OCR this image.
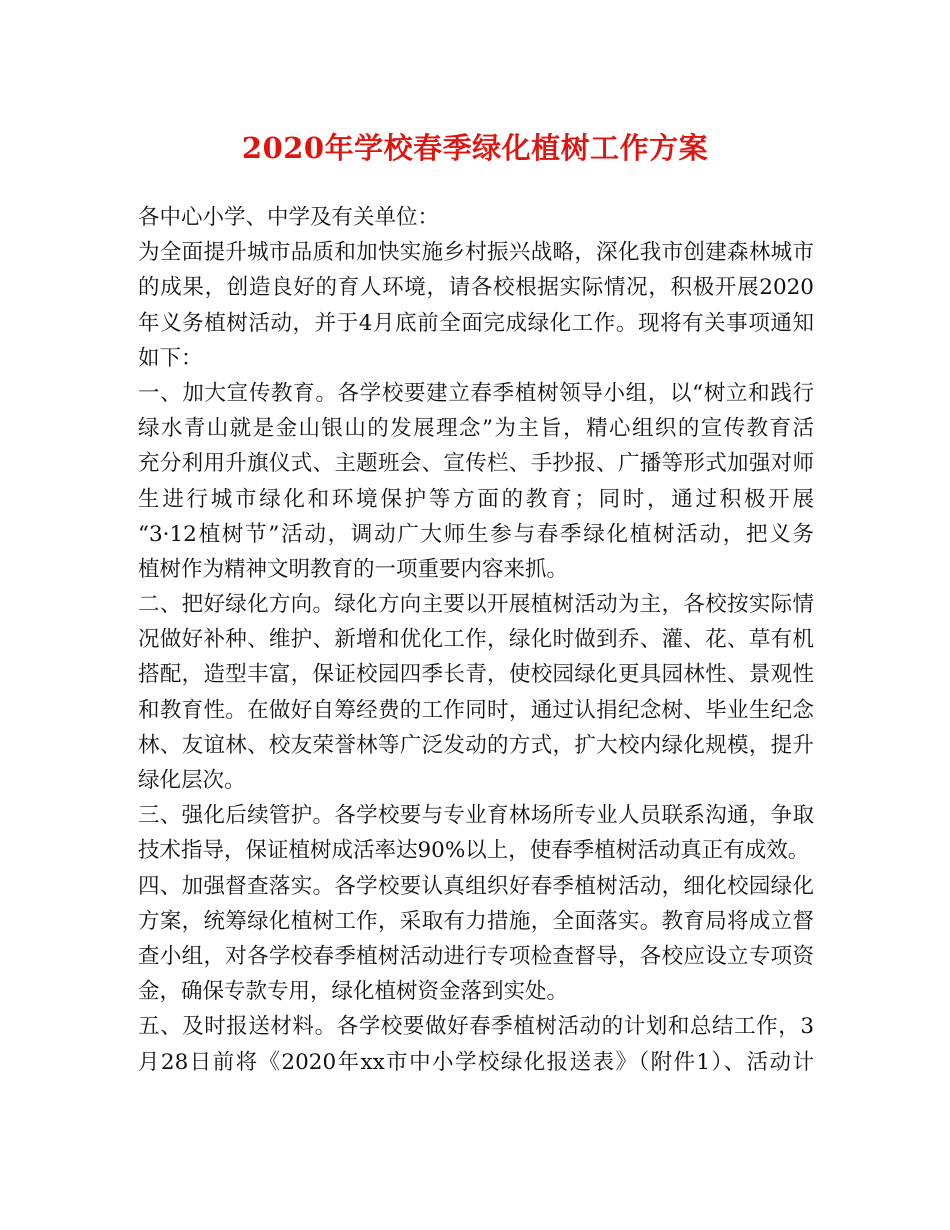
2020年学校春季绿化植树工作方案
各中心小学、中学及有关单位：
为全面提升城市品质和加快实施乡村振兴战略，深化我市创建森林城市
的成果，创造良好的育人环境，请各校根据实际情况，积极开展2020
年义务植树活动，并于4月底前全面完成绿化工作。现将有关事项通知
如下：
一、加大宣传教育。各学校要建立春季植树领导小组，以“树立和践行
绿水青山就是金山银山的发展理念”为主旨，精心组织的宣传教育活
充分利用升旗仪式、主题班会、宣传栏、手抄报、广播等形式加强对师
生进行城市绿化和环境保护等方面的教育；同时，通过积极开展
“3·12植树节”活动，调动广大师生参与春季绿化植树活动，把义务
植树作为精神文明教育的一项重要内容来抓。
二、把好绿化方向。绿化方向主要以开展植树活动为主，各校按实际情
况做好补种、维护、新增和优化工作，绿化时做到乔、灌、花、草有机
搭配，造型丰富，保证校园四季长青，使校园绿化更具园林性、景观性
和教育性。在做好自筹经费的工作同时，通过认捐纪念树、毕业生纪念
林、友谊林、校友荣誉林等广泛发动的方式，扩大校内绿化规模，提升
绿化层次。
三、强化后续管护。各学校要与专业育林场所专业人员联系沟通，争取
技术指导，保证植树成活率达90%以上，使春季植树活动真正有成效。
四、加强督查落实。各学校要认真组织好春季植树活动，细化校园绿化
方案，统筹绿化植树工作，采取有力措施，全面落实。教育局将成立督
查小组，对各学校春季植树活动进行专项检查督导，各校应设立专项资
金，确保专款专用，绿化植树资金落到实处。
五、及时报送材料。各学校要做好春季植树活动的计划和总结工作，3
月28日前将《2020年xx市中小学校绿化报送表》（附件1）、活动计
